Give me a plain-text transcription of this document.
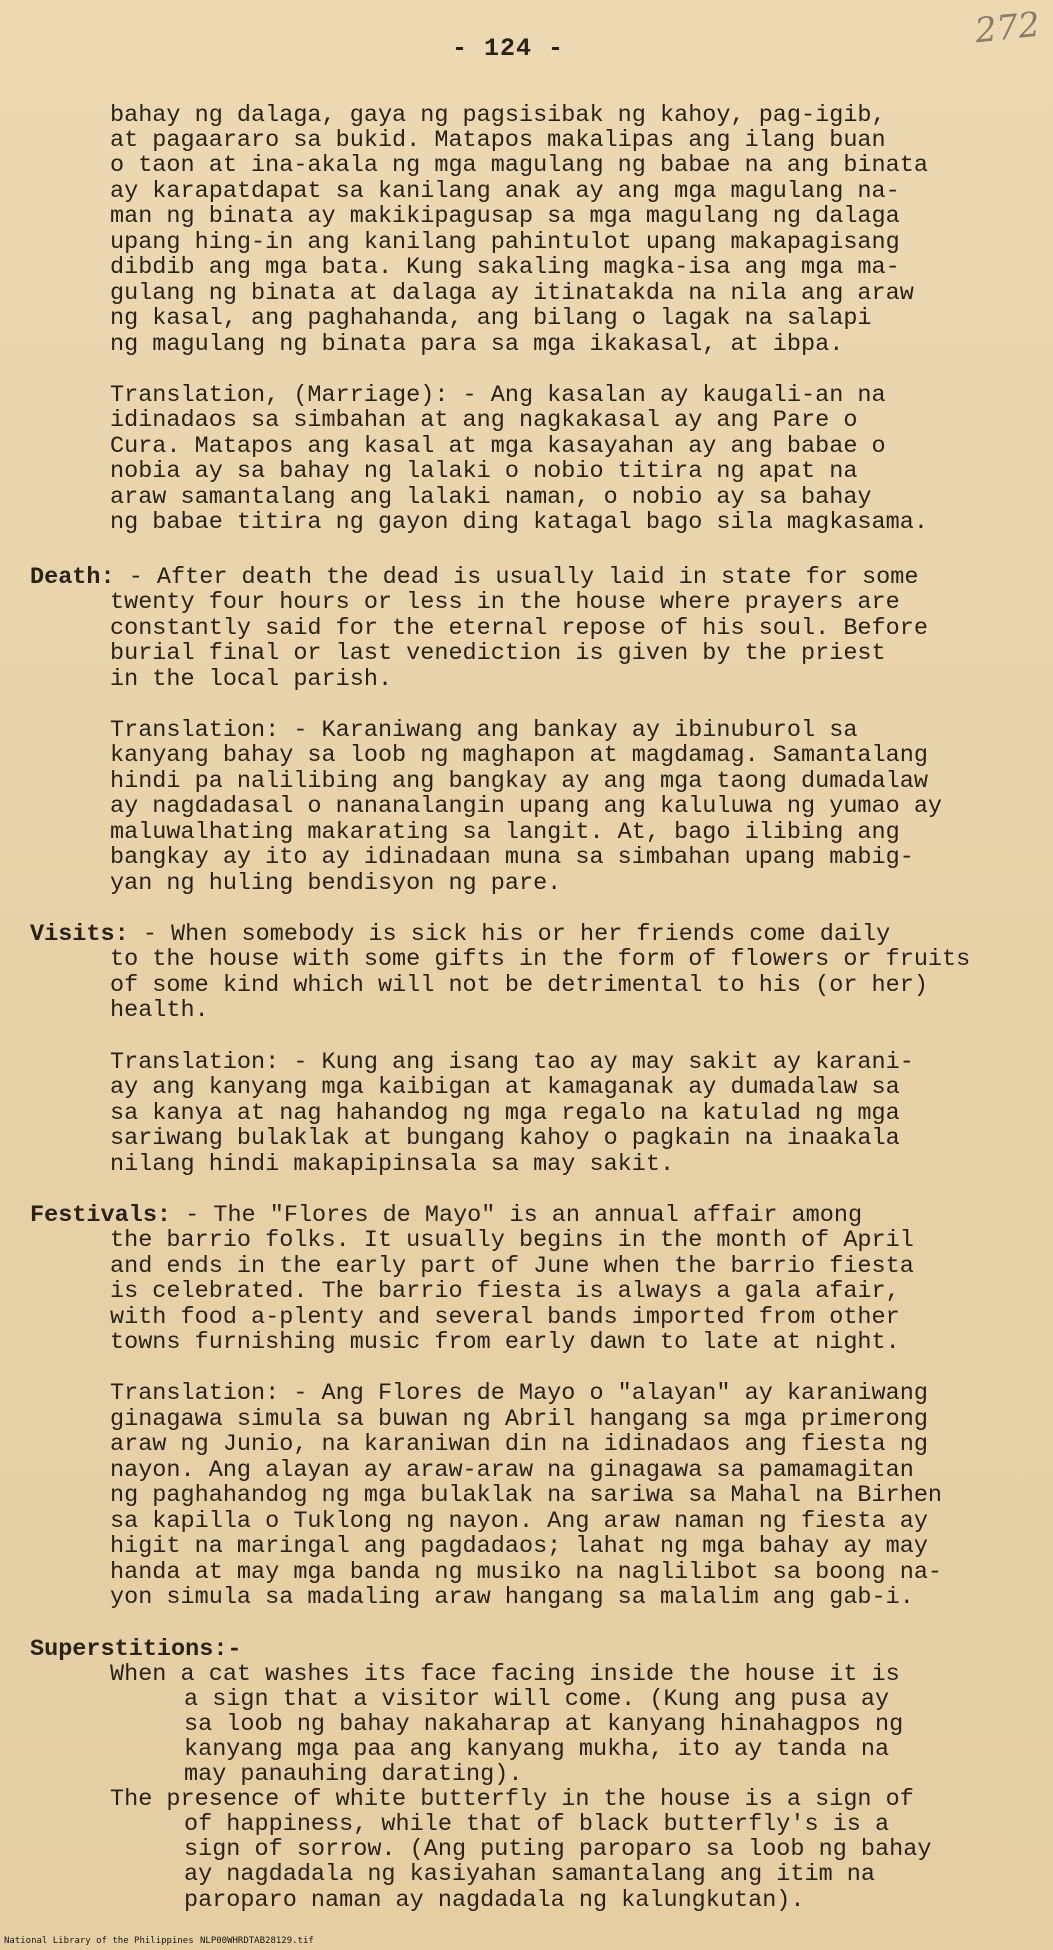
- 124 -	272
bahay ng dalaga, gaya ng pagsisibak ng kahoy, pag-igib,
at pagaararo sa bukid. Matapos makalipas ang ilang buan
o taon at ina-akala ng mga magulang ng babae na ang binata
ay karapatdapat sa kanilang anak ay ang mga magulang na-
man ng binata ay makikipagusap sa mga magulang ng dalaga
upang hing-in ang kanilang pahintulot upang makapagisang
dibdib ang mga bata. Kung sakaling magka-isa ang mga ma-
gulang ng binata at dalaga ay itinatakda na nila ang araw
ng kasal, ang paghahanda, ang bilang o lagak na salapi
ng magulang ng binata para sa mga ikakasal, at ibpa.
Translation, (Marriage): - Ang kasalan ay kaugali-an na
idinadaos sa simbahan at ang nagkakasal ay ang Pare o
Cura. Matapos ang kasal at mga kasayahan ay ang babae o
nobia ay sa bahay ng lalaki o nobio titira ng apat na
araw samantalang ang lalaki naman, o nobio ay sa bahay
ng babae titira ng gayon ding katagal bago sila magkasama.
Death: - After death the dead is usually laid in state for some
twenty four hours or less in the house where prayers are
constantly said for the eternal repose of his soul. Before
burial final or last venediction is given by the priest
in the local parish.
Translation: - Karaniwang ang bankay ay ibinuburol sa
kanyang bahay sa loob ng maghapon at magdamag. Samantalang
hindi pa nalilibing ang bangkay ay ang mga taong dumadalaw
ay nagdadasal o nananalangin upang ang kaluluwa ng yumao ay
maluwalhating makarating sa langit. At, bago ilibing ang
bangkay ay ito ay idinadaan muna sa simbahan upang mabig-
yan ng huling bendisyon ng pare.
Visits: - When somebody is sick his or her friends come daily
to the house with some gifts in the form of flowers or fruits
of some kind which will not be detrimental to his (or her)
health.
Translation: - Kung ang isang tao ay may sakit ay karani-
ay ang kanyang mga kaibigan at kamaganak ay dumadalaw sa
sa kanya at nag hahandog ng mga regalo na katulad ng mga
sariwang bulaklak at bungang kahoy o pagkain na inaakala
nilang hindi makapipinsala sa may sakit.
Festivals: - The "Flores de Mayo" is an annual affair among
the barrio folks. It usually begins in the month of April
and ends in the early part of June when the barrio fiesta
is celebrated. The barrio fiesta is always a gala afair,
with food a-plenty and several bands imported from other
towns furnishing music from early dawn to late at night.
Translation: - Ang Flores de Mayo o "alayan" ay karaniwang
ginagawa simula sa buwan ng Abril hangang sa mga primerong
araw ng Junio, na karaniwan din na idinadaos ang fiesta ng
nayon. Ang alayan ay araw-araw na ginagawa sa pamamagitan
ng paghahandog ng mga bulaklak na sariwa sa Mahal na Birhen
sa kapilla o Tuklong ng nayon. Ang araw naman ng fiesta ay
higit na maringal ang pagdadaos; lahat ng mga bahay ay may
handa at may mga banda ng musiko na naglilibot sa boong na-
yon simula sa madaling araw hangang sa malalim ang gab-i.
Superstitions:-
When a cat washes its face facing inside the house it is
a sign that a visitor will come. (Kung ang pusa ay
sa loob ng bahay nakaharap at kanyang hinahagpos ng
kanyang mga paa ang kanyang mukha, ito ay tanda na
may panauhing darating).
The presence of white butterfly in the house is a sign of
of happiness, while that of black butterfly's is a
sign of sorrow. (Ang puting paroparo sa loob ng bahay
ay nagdadala ng kasiyahan samantalang ang itim na
paroparo naman ay nagdadala ng kalungkutan).
National Library of the Philippines NLP00WHRDTAB28129.tif
